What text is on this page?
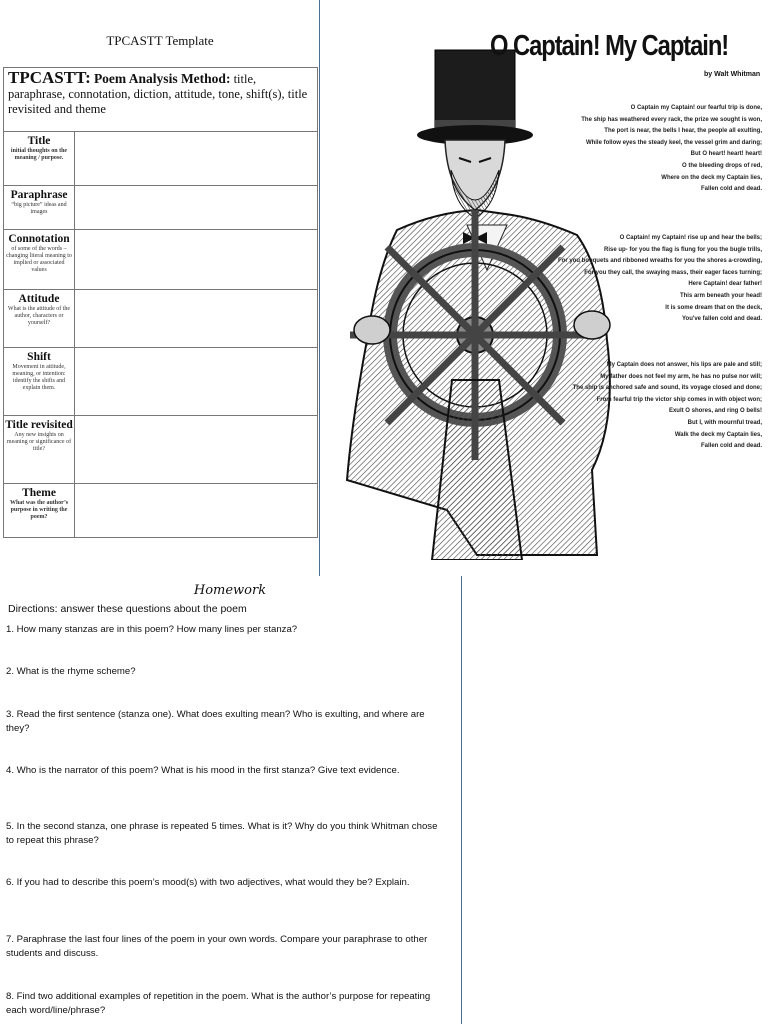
TPCASTT Template
TPCASTT: Poem Analysis Method: title, paraphrase, connotation, diction, attitude, tone, shift(s), title revisited and theme	

Title
initial thoughts on the meaning / purpose.	

Paraphrase
“big picture” ideas and images	

Connotation
of some of the words – changing literal meaning to implied or associated values	

Attitude
What is the attitude of the author, characters or yourself?	

Shift
Movement in attitude, meaning, or intention: identify the shifts and explain them.	

Title revisited
Any new insights on meaning or significance of title?	

Theme
What was the author’s purpose in writing the poem?	

O Captain! My Captain!
by Walt Whitman
O Captain my Captain! our fearful trip is done,
The ship has weathered every rack, the prize we sought is won,
The port is near, the bells I hear, the people all exulting,
While follow eyes the steady keel, the vessel grim and daring;
But O heart! heart! heart!
O the bleeding drops of red,
Where on the deck my Captain lies,
Fallen cold and dead.
O Captain! my Captain! rise up and hear the bells;
Rise up- for you the flag is flung for you the bugle trills,
For you bouquets and ribboned wreaths for you the shores a-crowding,
For you they call, the swaying mass, their eager faces turning;
Here Captain! dear father!
This arm beneath your head!
It is some dream that on the deck,
You've fallen cold and dead.
My Captain does not answer, his lips are pale and still;
My father does not feel my arm, he has no pulse nor will;
The ship is anchored safe and sound, its voyage closed and done;
From fearful trip the victor ship comes in with object won;
Exult O shores, and ring O bells!
But I, with mournful tread,
Walk the deck my Captain lies,
Fallen cold and dead.
Homework
Directions: answer these questions about the poem
1. How many stanzas are in this poem? How many lines per stanza?
2. What is the rhyme scheme?
3. Read the first sentence (stanza one). What does exulting mean? Who is exulting, and where are they?
4. Who is the narrator of this poem? What is his mood in the first stanza? Give text evidence.
5. In the second stanza, one phrase is repeated 5 times. What is it? Why do you think Whitman chose to repeat this phrase?
6. If you had to describe this poem’s mood(s) with two adjectives, what would they be? Explain.
7. Paraphrase the last four lines of the poem in your own words. Compare your paraphrase to other students and discuss.
8. Find two additional examples of repetition in the poem. What is the author’s purpose for repeating each word/line/phrase?
